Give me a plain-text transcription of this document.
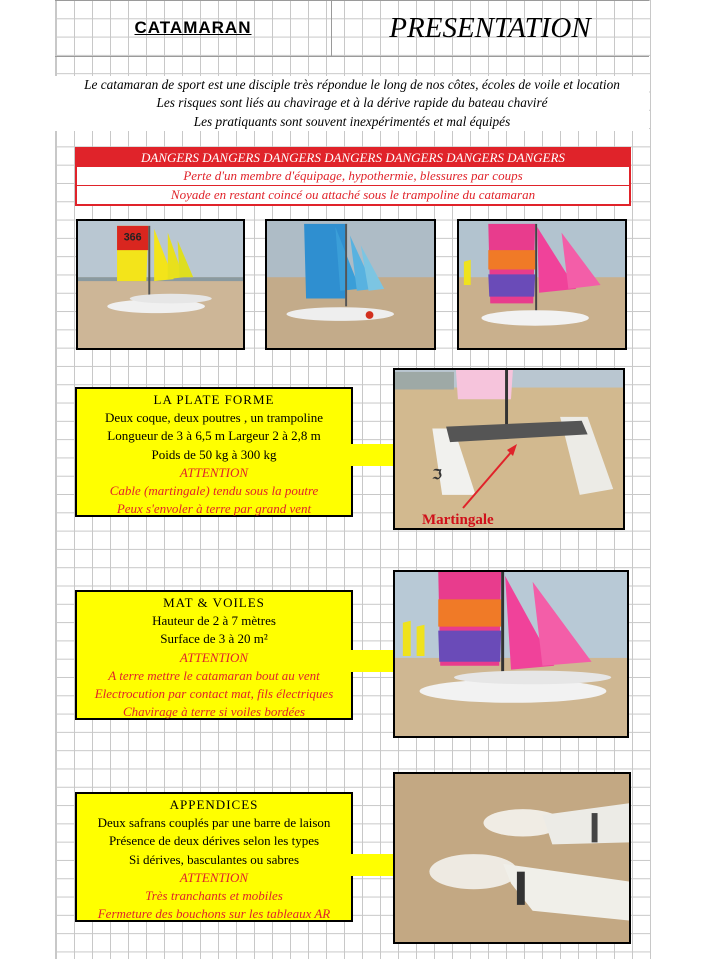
CATAMARAN	PRESENTATION
Le catamaran de sport est une disciple très répondue le long de nos côtes, écoles de voile et location
Les risques sont liés au chavirage et à la dérive rapide du bateau chaviré
Les pratiquants sont souvent inexpérimentés et mal équipés
DANGERS DANGERS DANGERS DANGERS DANGERS DANGERS DANGERS
Perte d'un membre d'équipage, hypothermie, blessures par coups
Noyade en restant coincé ou attaché sous le trampoline du catamaran
366
LA PLATE FORME
Deux coque, deux poutres , un trampoline
Longueur de 3 à 6,5 m Largeur 2 à 2,8 m
Poids de 50 kg à 300 kg
ATTENTION
Cable (martingale) tendu sous la poutre
Peux s'envoler à terre par grand vent
ℑ
Martingale
MAT & VOILES
Hauteur de 2 à 7 mètres
Surface de 3 à 20 m²
ATTENTION
A terre mettre le catamaran bout au vent
Electrocution par contact mat, fils électriques
Chavirage à terre si voiles bordées
APPENDICES
Deux safrans couplés par une barre de laison
Présence de deux dérives selon les types
Si dérives, basculantes ou sabres
ATTENTION
Très tranchants et mobiles
Fermeture des bouchons sur les tableaux AR
